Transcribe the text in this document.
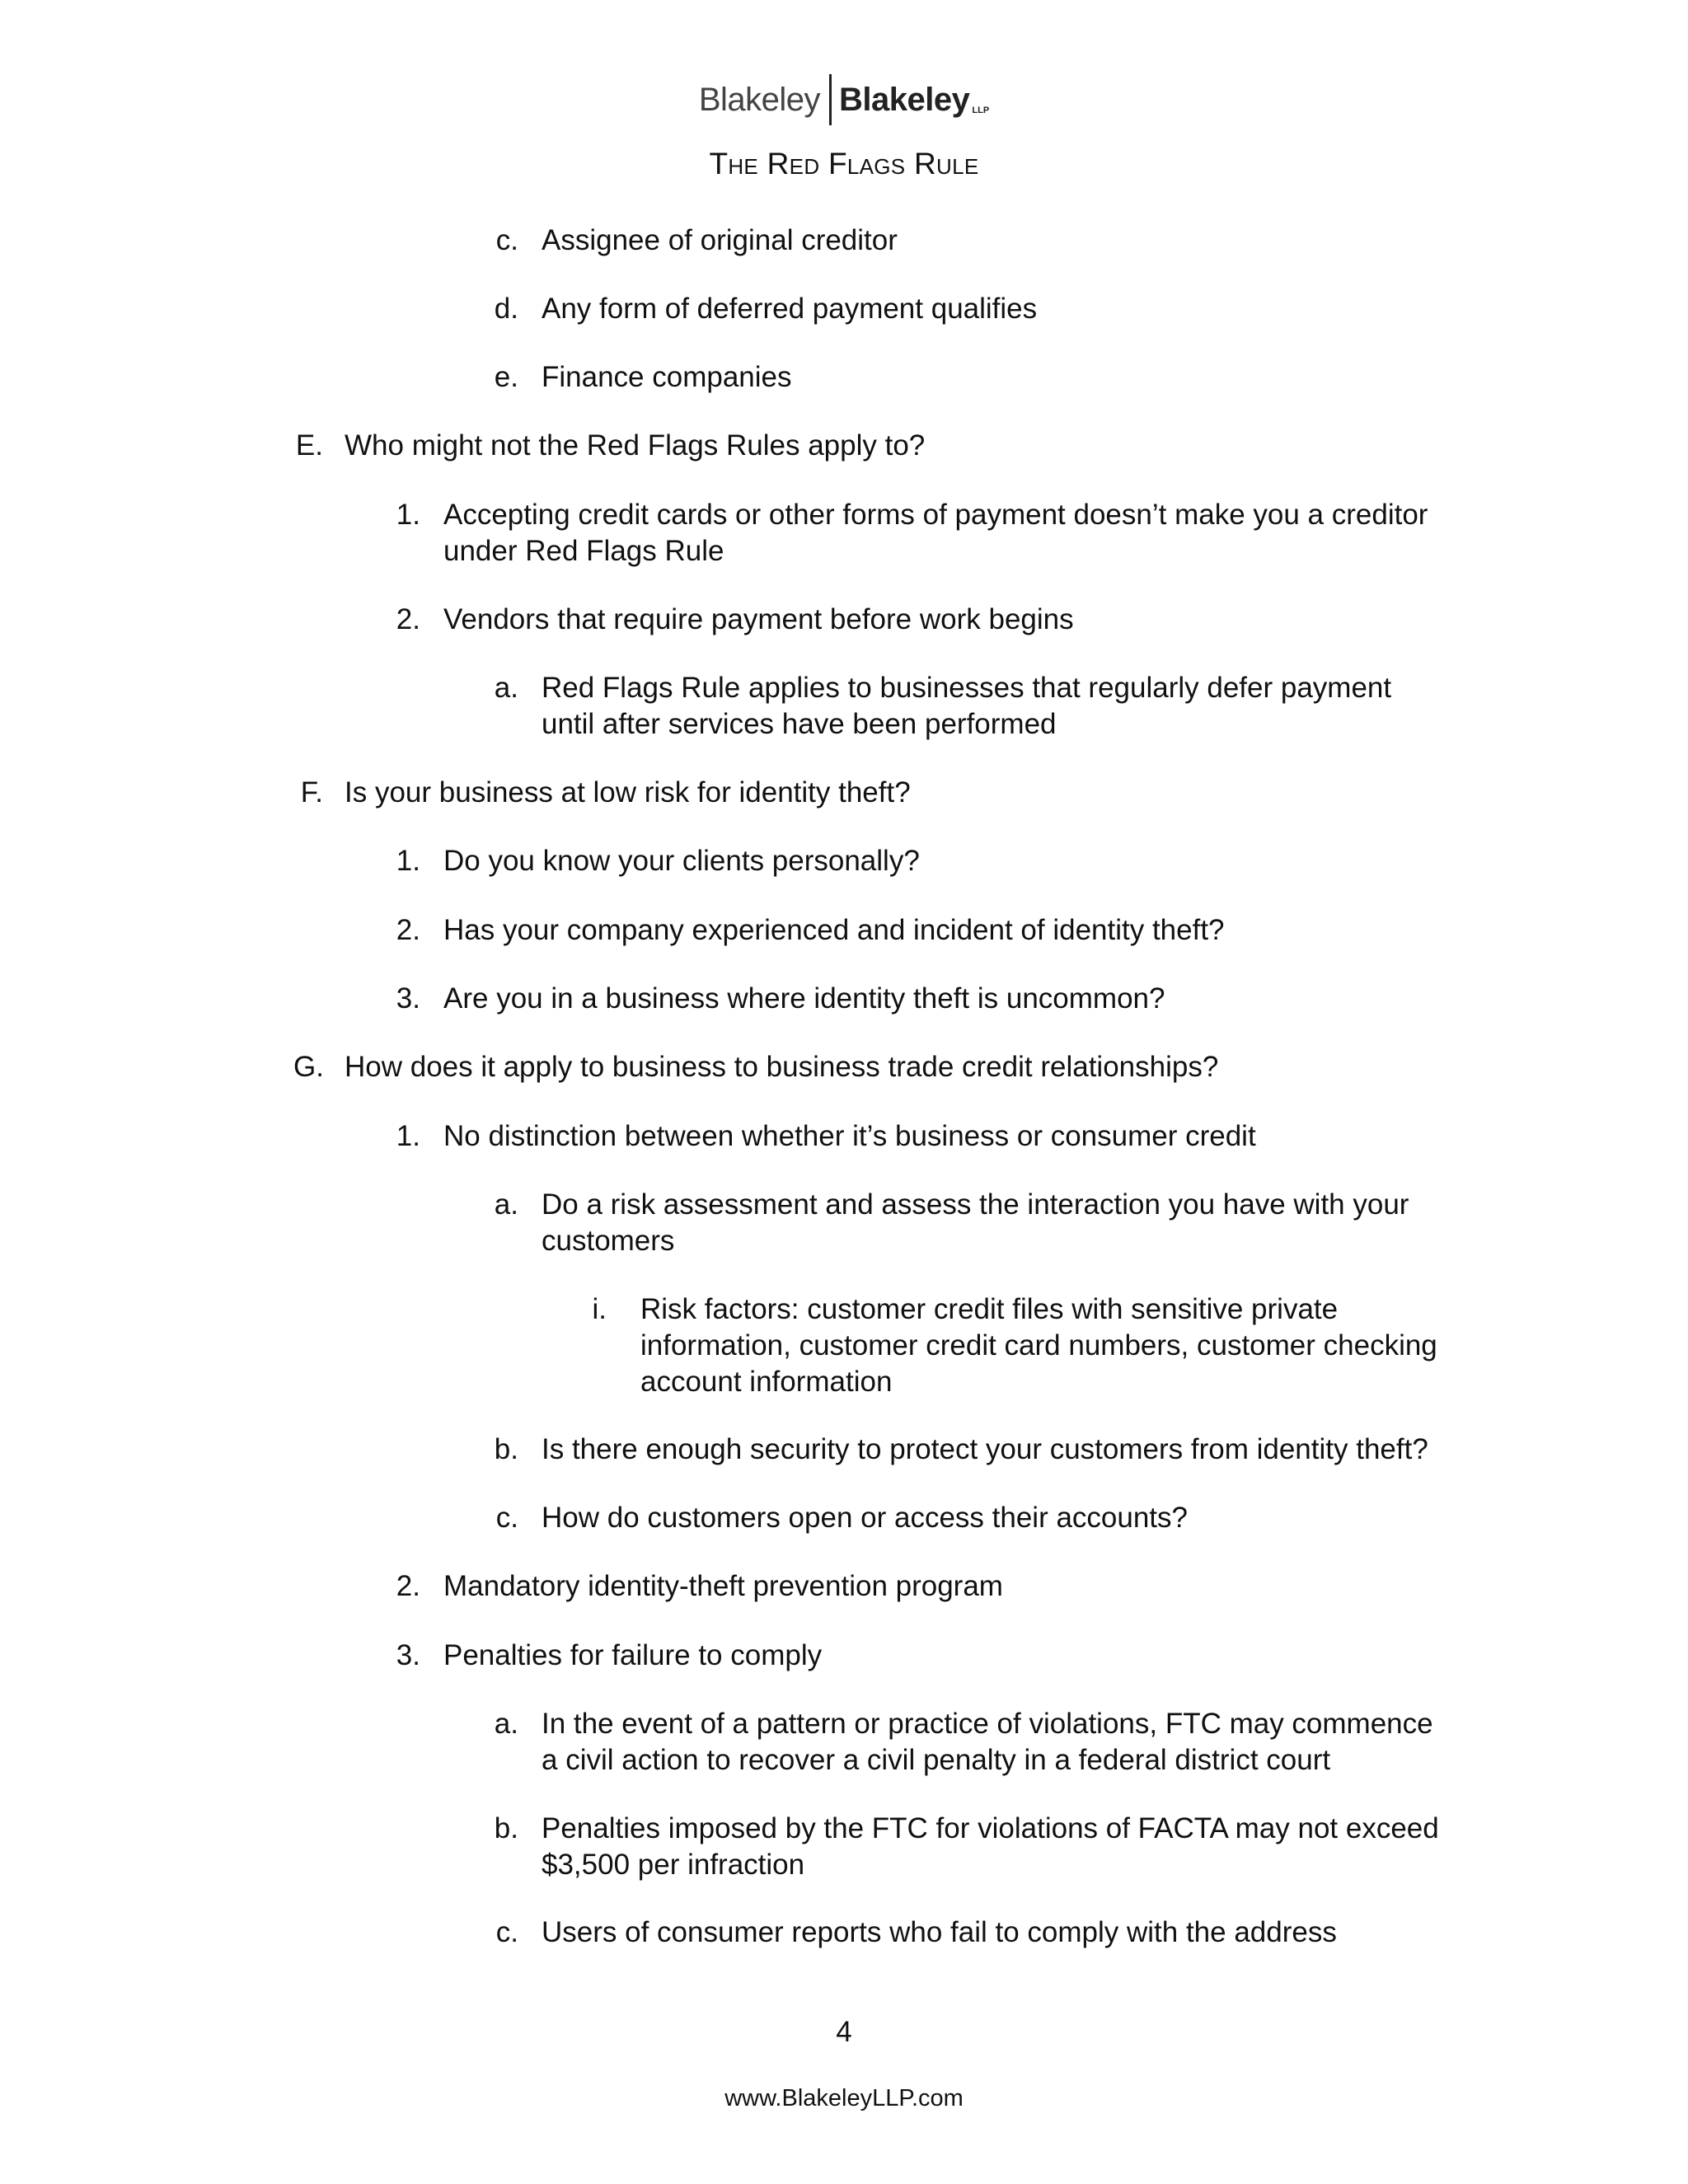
Blakeley Blakeley LLP
The Red Flags Rule
c. Assignee of original creditor
d. Any form of deferred payment qualifies
e. Finance companies
E. Who might not the Red Flags Rules apply to?
1. Accepting credit cards or other forms of payment doesn’t make you a creditor under Red Flags Rule
2. Vendors that require payment before work begins
a. Red Flags Rule applies to businesses that regularly defer payment until after services have been performed
F. Is your business at low risk for identity theft?
1. Do you know your clients personally?
2. Has your company experienced and incident of identity theft?
3. Are you in a business where identity theft is uncommon?
G. How does it apply to business to business trade credit relationships?
1. No distinction between whether it’s business or consumer credit
a. Do a risk assessment and assess the interaction you have with your customers
i. Risk factors: customer credit files with sensitive private information, customer credit card numbers, customer checking account information
b. Is there enough security to protect your customers from identity theft?
c. How do customers open or access their accounts?
2. Mandatory identity-theft prevention program
3. Penalties for failure to comply
a. In the event of a pattern or practice of violations, FTC may commence a civil action to recover a civil penalty in a federal district court
b. Penalties imposed by the FTC for violations of FACTA may not exceed $3,500 per infraction
c. Users of consumer reports who fail to comply with the address
4
www.BlakeleyLLP.com
